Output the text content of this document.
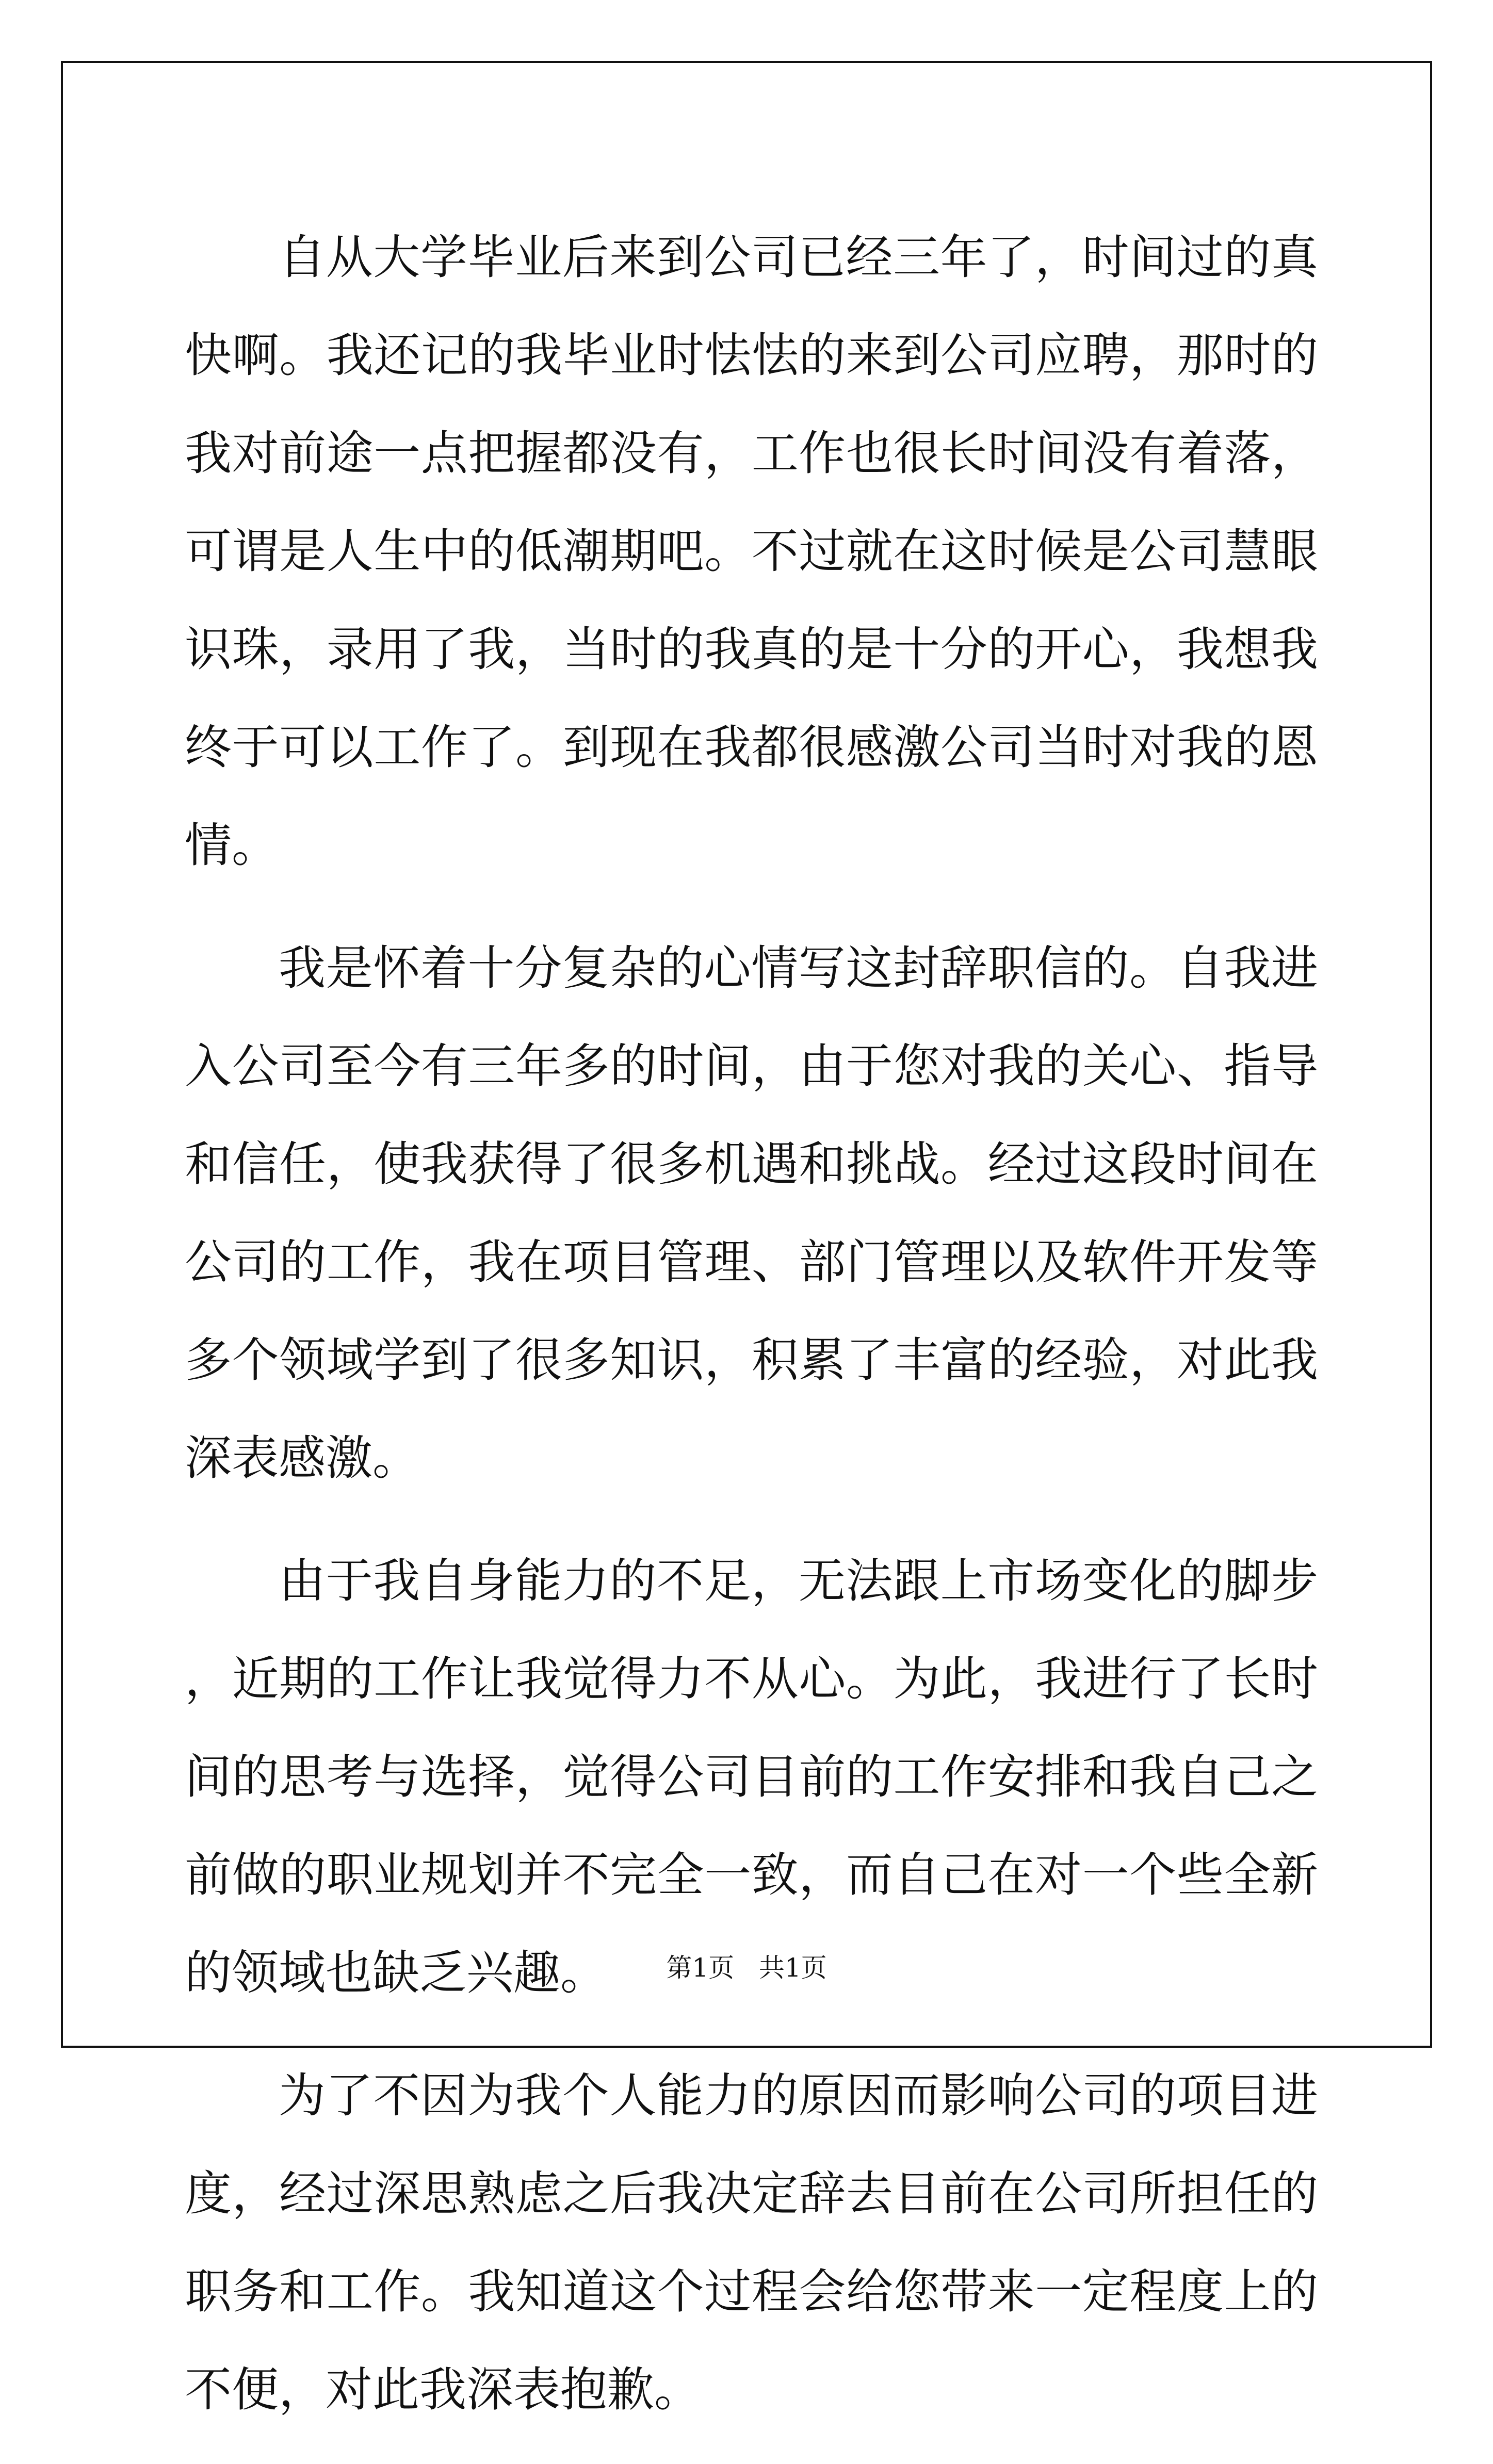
自从大学毕业后来到公司已经三年了，时间过的真快啊。我还记的我毕业时怯怯的来到公司应聘，那时的我对前途一点把握都没有，工作也很长时间没有着落，可谓是人生中的低潮期吧。不过就在这时候是公司慧眼识珠，录用了我，当时的我真的是十分的开心，我想我终于可以工作了。到现在我都很感激公司当时对我的恩情。

我是怀着十分复杂的心情写这封辞职信的。自我进入公司至今有三年多的时间，由于您对我的关心、指导和信任，使我获得了很多机遇和挑战。经过这段时间在公司的工作，我在项目管理、部门管理以及软件开发等多个领域学到了很多知识，积累了丰富的经验，对此我深表感激。

由于我自身能力的不足，无法跟上市场变化的脚步，近期的工作让我觉得力不从心。为此，我进行了长时间的思考与选择，觉得公司目前的工作安排和我自己之前做的职业规划并不完全一致，而自己在对一个些全新的领域也缺乏兴趣。

为了不因为我个人能力的原因而影响公司的项目进度，经过深思熟虑之后我决定辞去目前在公司所担任的职务和工作。我知道这个过程会给您带来一定程度上的不便，对此我深表抱歉。

第1页   共1页
